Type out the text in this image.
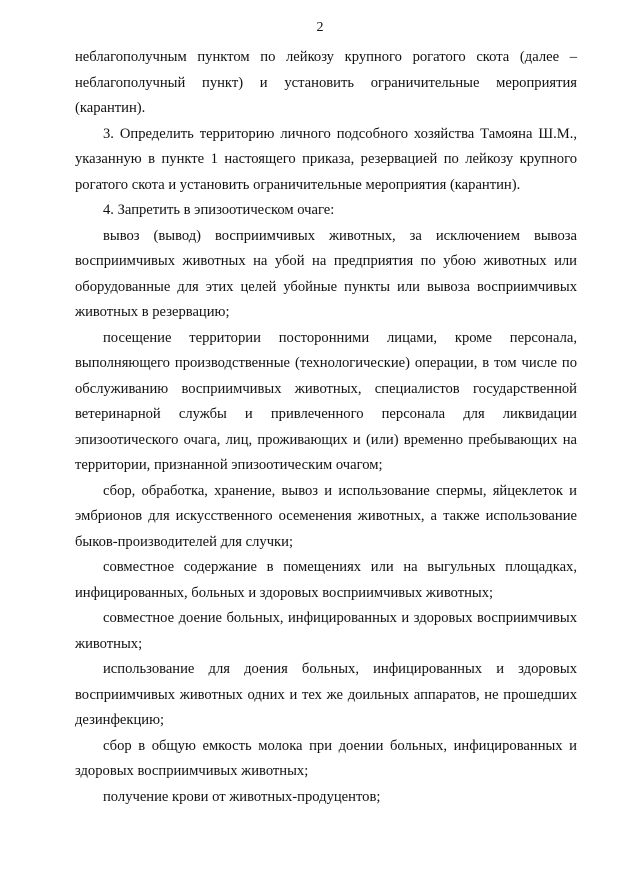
2

неблагополучным пунктом по лейкозу крупного рогатого скота (далее – неблагополучный пункт) и установить ограничительные мероприятия (карантин).

3. Определить территорию личного подсобного хозяйства Тамояна Ш.М., указанную в пункте 1 настоящего приказа, резервацией по лейкозу крупного рогатого скота и установить ограничительные мероприятия (карантин).

4. Запретить в эпизоотическом очаге:

вывоз (вывод) восприимчивых животных, за исключением вывоза восприимчивых животных на убой на предприятия по убою животных или оборудованные для этих целей убойные пункты или вывоза восприимчивых животных в резервацию;

посещение территории посторонними лицами, кроме персонала, выполняющего производственные (технологические) операции, в том числе по обслуживанию восприимчивых животных, специалистов государственной ветеринарной службы и привлеченного персонала для ликвидации эпизоотического очага, лиц, проживающих и (или) временно пребывающих на территории, признанной эпизоотическим очагом;

сбор, обработка, хранение, вывоз и использование спермы, яйцеклеток и эмбрионов для искусственного осеменения животных, а также использование быков-производителей для случки;

совместное содержание в помещениях или на выгульных площадках, инфицированных, больных и здоровых восприимчивых животных;

совместное доение больных, инфицированных и здоровых восприимчивых животных;

использование для доения больных, инфицированных и здоровых восприимчивых животных одних и тех же доильных аппаратов, не прошедших дезинфекцию;

сбор в общую емкость молока при доении больных, инфицированных и здоровых восприимчивых животных;

получение крови от животных-продуцентов;
